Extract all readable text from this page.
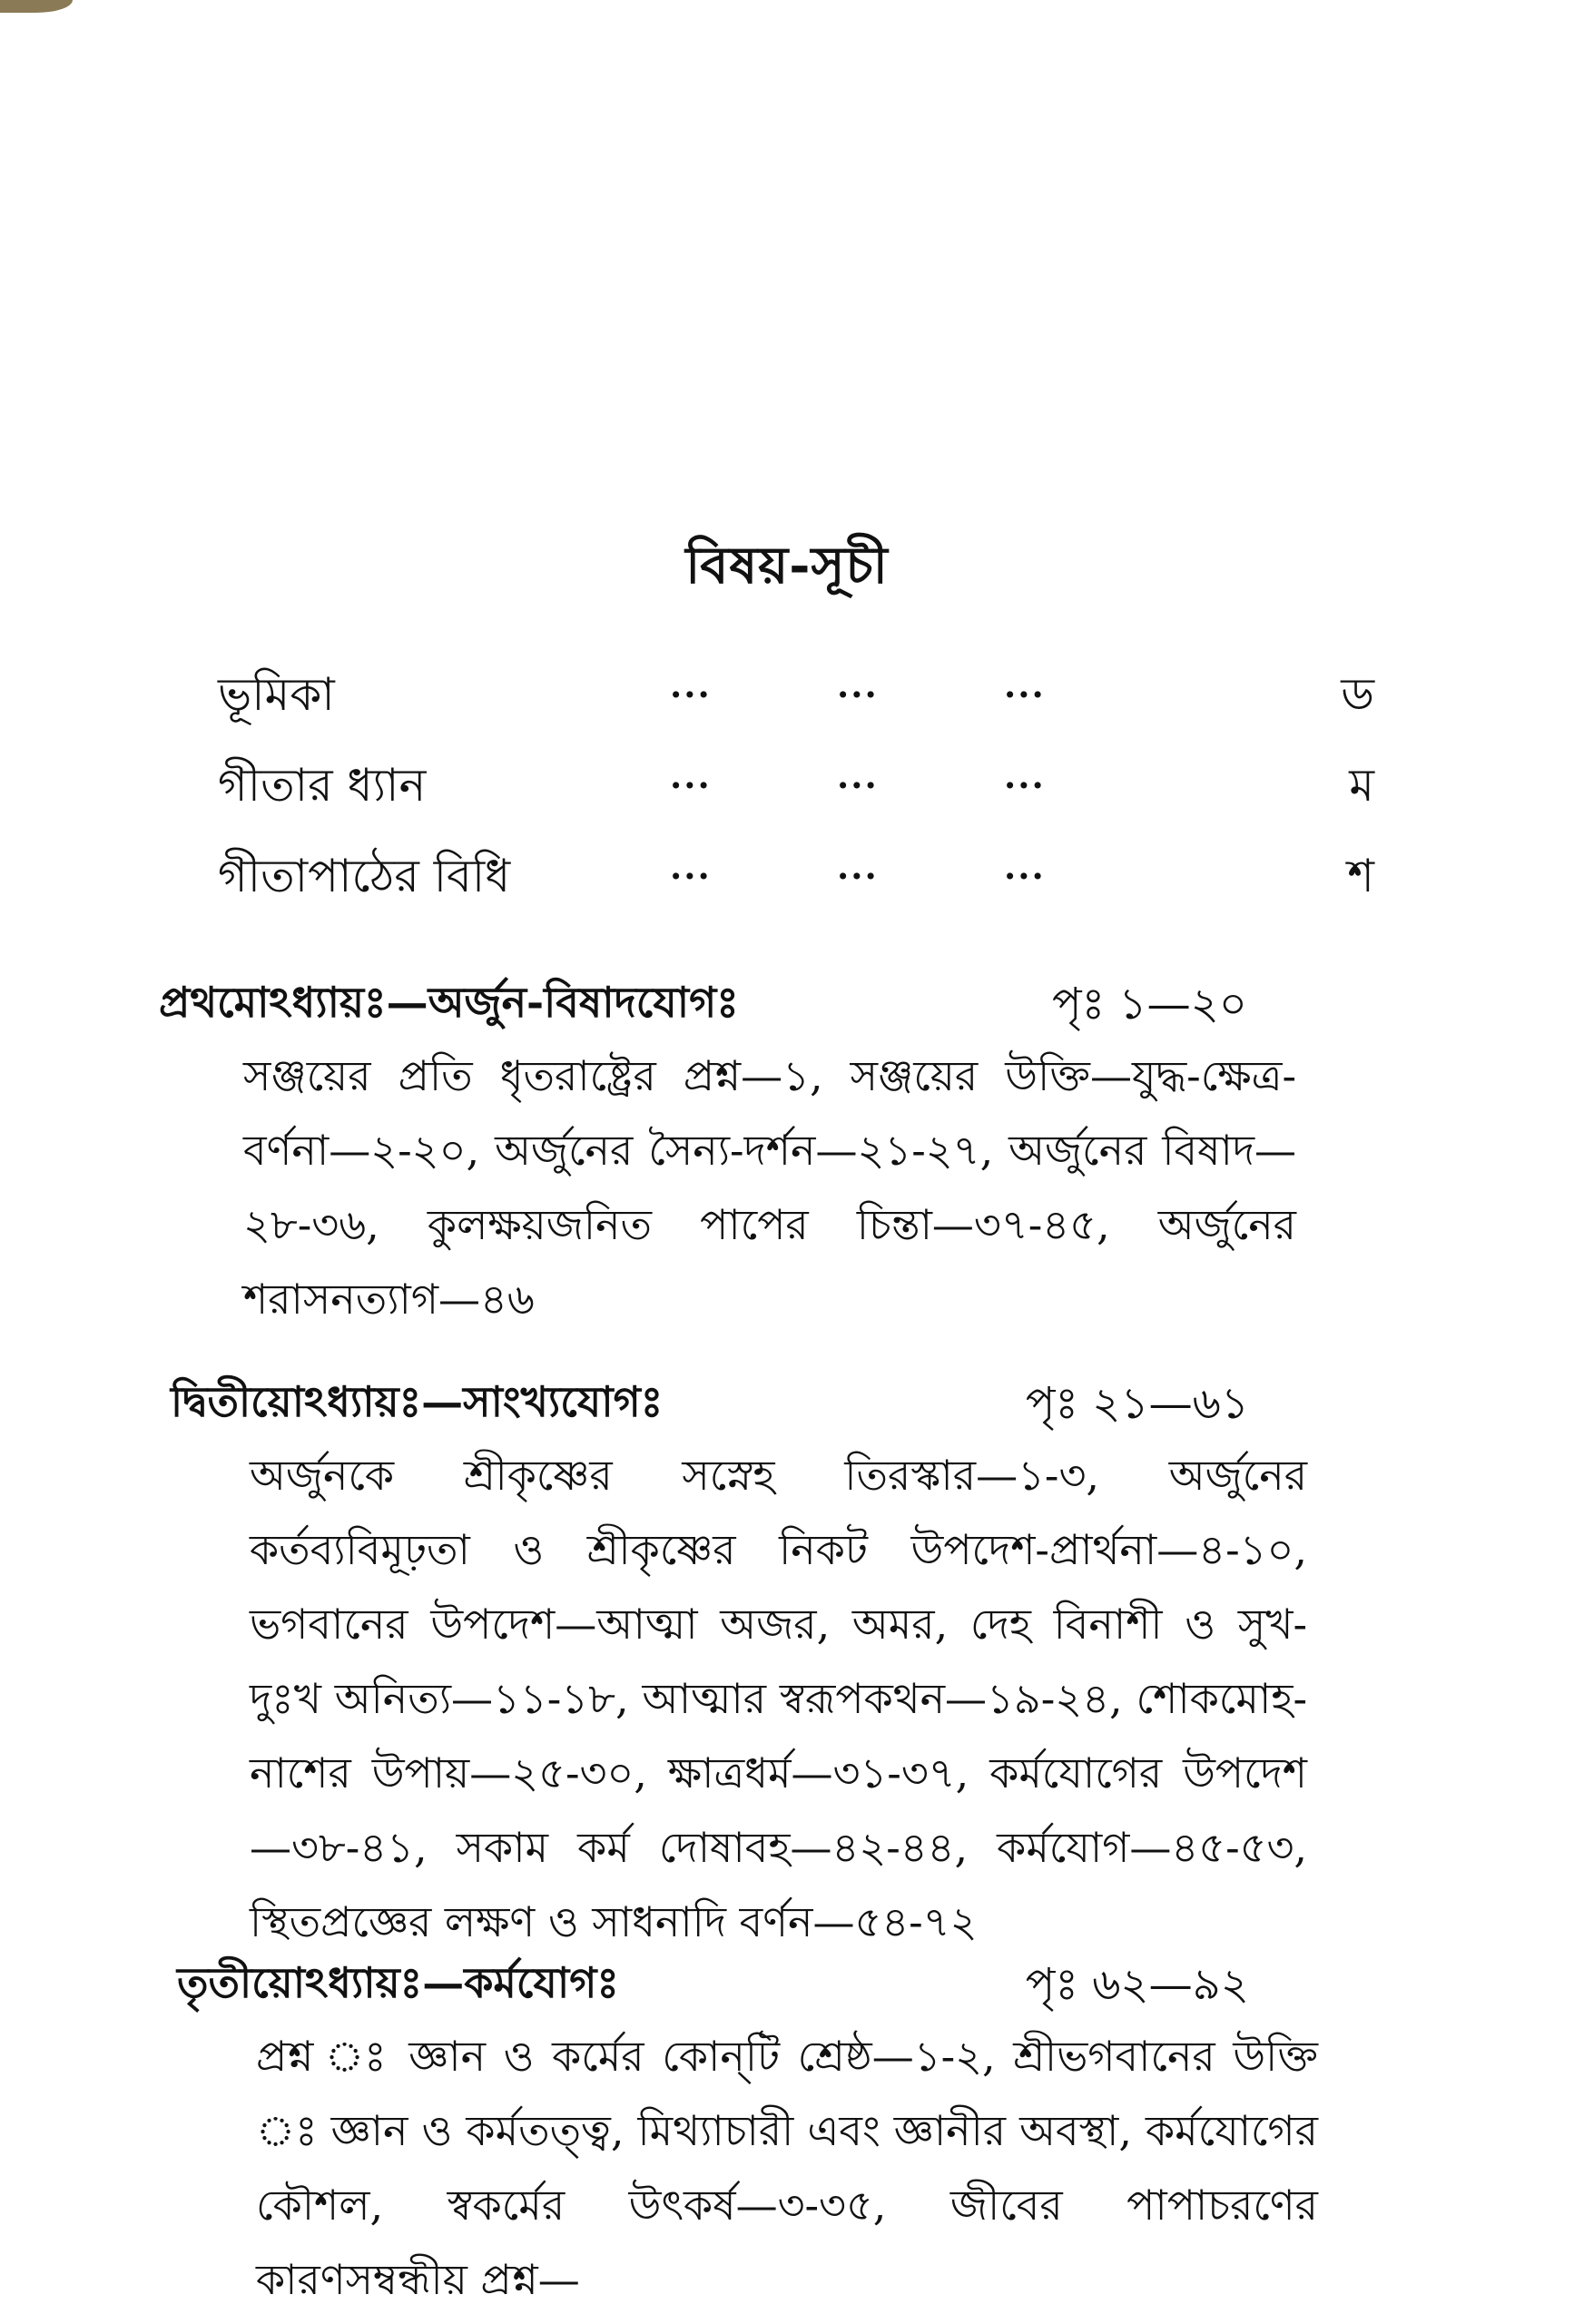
বিষয়-সূচী
ভূমিকা	...	...	...	ড
গীতার ধ্যান	...	...	...	ম
গীতাপাঠের বিধি	...	...	...	শ
প্রথমোঽধ্যায়ঃ—অর্জুন-বিষাদযোগঃ	পৃঃ ১—২০
সঞ্জয়ের প্রতি ধৃতরাষ্ট্রের প্রশ্ন—১, সঞ্জয়ের উক্তি—যুদ্ধ-ক্ষেত্র-বর্ণনা—২-২০, অর্জুনের সৈন্য-দর্শন—২১-২৭, অর্জুনের বিষাদ—২৮-৩৬, কুলক্ষয়জনিত পাপের চিন্তা—৩৭-৪৫, অর্জুনের শরাসনত্যাগ—৪৬
দ্বিতীয়োঽধ্যায়ঃ—সাংখ্যযোগঃ	পৃঃ ২১—৬১
অর্জুনকে শ্রীকৃষ্ণের সস্নেহ তিরস্কার—১-৩, অর্জুনের কর্তব্যবিমূঢ়তা ও শ্রীকৃষ্ণের নিকট উপদেশ-প্রার্থনা—৪-১০, ভগবানের উপদেশ—আত্মা অজর, অমর, দেহ বিনাশী ও সুখ-দুঃখ অনিত্য—১১-১৮, আত্মার স্বরূপকথন—১৯-২৪, শোকমোহ-নাশের উপায়—২৫-৩০, ক্ষাত্রধর্ম—৩১-৩৭, কর্মযোগের উপদেশ—৩৮-৪১, সকাম কর্ম দোষাবহ—৪২-৪৪, কর্মযোগ—৪৫-৫৩, স্থিতপ্রজ্ঞের লক্ষণ ও সাধনাদি বর্ণন—৫৪-৭২
তৃতীয়োঽধ্যায়ঃ—কর্মযোগঃ	পৃঃ ৬২—৯২
প্রশ্ন ঃ জ্ঞান ও কর্মের কোন্‌টি শ্রেষ্ঠ—১-২, শ্রীভগবানের উক্তি ঃ জ্ঞান ও কর্মতত্ত্ব, মিথ্যাচারী এবং জ্ঞানীর অবস্থা, কর্মযোগের কৌশল, স্বকর্মের উৎকর্ষ—৩-৩৫, জীবের পাপাচরণের কারণসম্বন্ধীয় প্রশ্ন—
